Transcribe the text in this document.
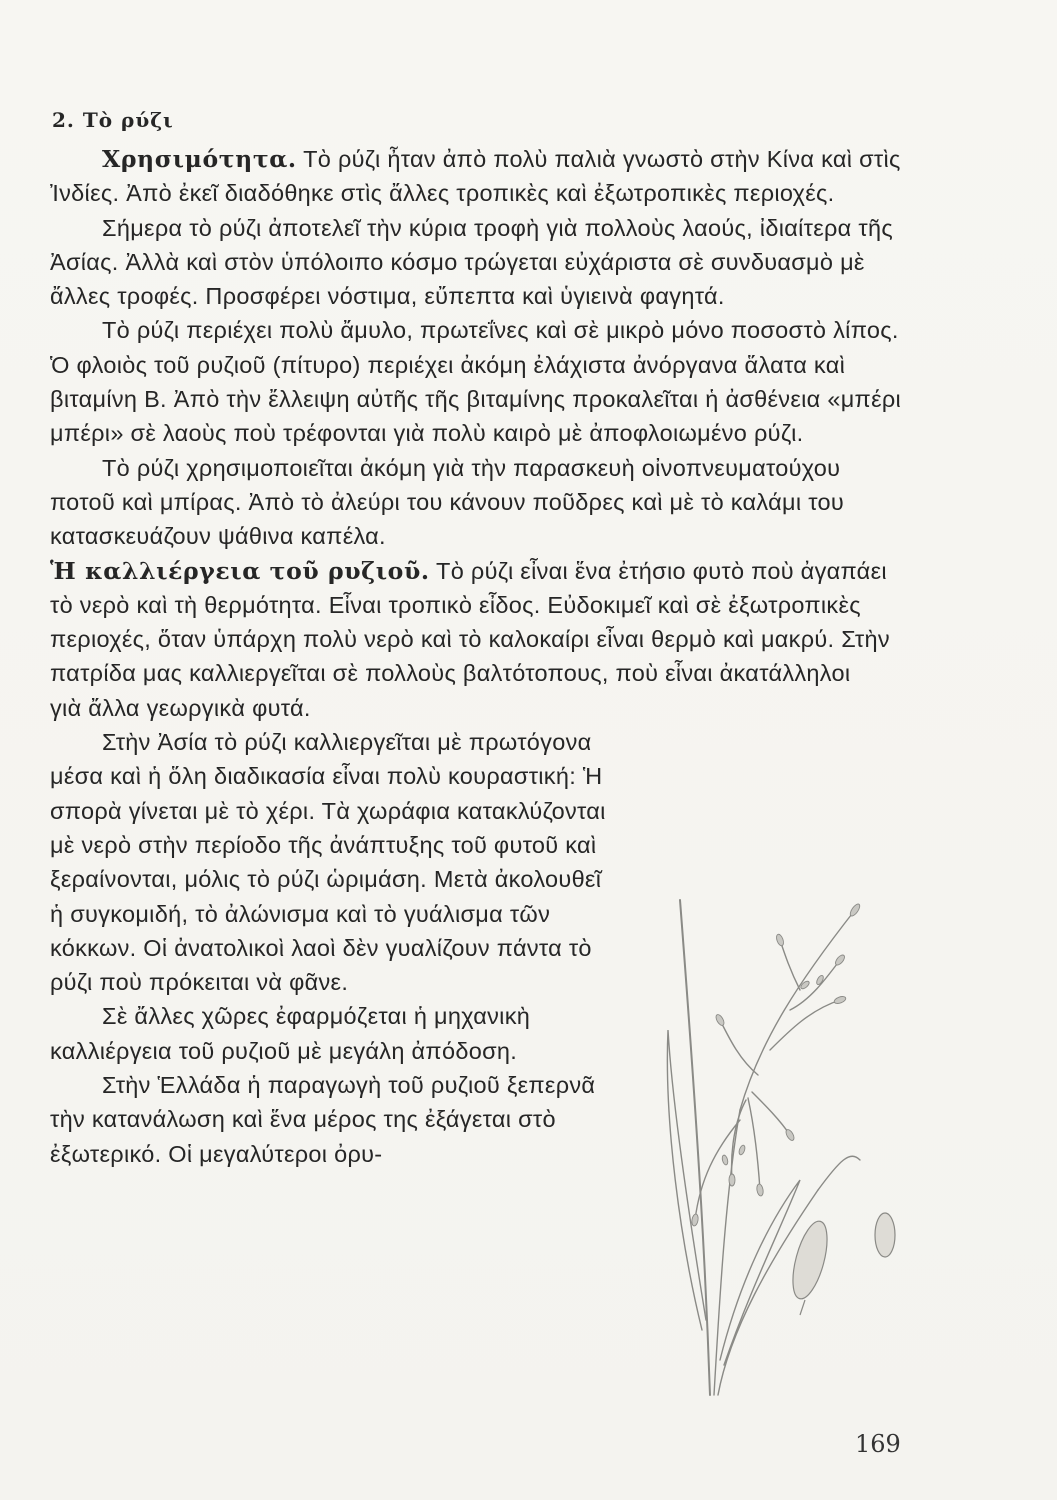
2. Τὸ ρύζι

Χρησιμότητα. Τὸ ρύζι ἦταν ἀπὸ πολὺ παλιὰ γνωστὸ στὴν Κίνα καὶ στὶς Ἰνδίες. Ἀπὸ ἐκεῖ διαδόθηκε στὶς ἄλλες τροπικὲς καὶ ἐξωτροπικὲς περιοχές.

Σήμερα τὸ ρύζι ἀποτελεῖ τὴν κύρια τροφὴ γιὰ πολλοὺς λαούς, ἰδιαίτερα τῆς Ἀσίας. Ἀλλὰ καὶ στὸν ὑπόλοιπο κόσμο τρώγεται εὐχάριστα σὲ συνδυασμὸ μὲ ἄλλες τροφές. Προσφέρει νόστιμα, εὔπεπτα καὶ ὑγιεινὰ φαγητά.

Τὸ ρύζι περιέχει πολὺ ἄμυλο, πρωτεΐνες καὶ σὲ μικρὸ μόνο ποσοστὸ λίπος. Ὁ φλοιὸς τοῦ ρυζιοῦ (πίτυρο) περιέχει ἀκόμη ἐλάχιστα ἀνόργανα ἅλατα καὶ βιταμίνη Β. Ἀπὸ τὴν ἔλλειψη αὐτῆς τῆς βιταμίνης προκαλεῖται ἡ ἀσθένεια «μπέρι μπέρι» σὲ λαοὺς ποὺ τρέφονται γιὰ πολὺ καιρὸ μὲ ἀποφλοιωμένο ρύζι.

Τὸ ρύζι χρησιμοποιεῖται ἀκόμη γιὰ τὴν παρασκευὴ οἰνοπνευματούχου ποτοῦ καὶ μπίρας. Ἀπὸ τὸ ἀλεύρι του κάνουν ποῦδρες καὶ μὲ τὸ καλάμι του κατασκευάζουν ψάθινα καπέλα.

Ἡ καλλιέργεια τοῦ ρυζιοῦ. Τὸ ρύζι εἶναι ἕνα ἐτήσιο φυτὸ ποὺ ἀγαπάει τὸ νερὸ καὶ τὴ θερμότητα. Εἶναι τροπικὸ εἶδος. Εὐδοκιμεῖ καὶ σὲ ἐξωτροπικὲς περιοχές, ὅταν ὑπάρχη πολὺ νερὸ καὶ τὸ καλοκαίρι εἶναι θερμὸ καὶ μακρύ. Στὴν πατρίδα μας καλλιεργεῖται σὲ πολλοὺς βαλτότοπους, ποὺ εἶναι ἀκατάλληλοι

γιὰ ἄλλα γεωργικὰ φυτά.

Στὴν Ἀσία τὸ ρύζι καλλιεργεῖται μὲ πρωτόγονα μέσα καὶ ἡ ὅλη διαδικασία εἶναι πολὺ κουραστική: Ἡ σπορὰ γίνεται μὲ τὸ χέρι. Τὰ χωράφια κατακλύζονται μὲ νερὸ στὴν περίοδο τῆς ἀνάπτυξης τοῦ φυτοῦ καὶ ξεραίνονται, μόλις τὸ ρύζι ὡριμάση. Μετὰ ἀκολουθεῖ ἡ συγκομιδή, τὸ ἀλώνισμα καὶ τὸ γυάλισμα τῶν κόκκων. Οἱ ἀνατολικοὶ λαοὶ δὲν γυαλίζουν πάντα τὸ ρύζι ποὺ πρόκειται νὰ φᾶνε.

Σὲ ἄλλες χῶρες ἐφαρμόζεται ἡ μηχανικὴ καλλιέργεια τοῦ ρυζιοῦ μὲ μεγάλη ἀπόδοση.

Στὴν Ἑλλάδα ἡ παραγωγὴ τοῦ ρυζιοῦ ξεπερνᾶ τὴν κατανάλωση καὶ ἕνα μέρος της ἐξάγεται στὸ ἐξωτερικό. Οἱ μεγαλύτεροι ὀρυ-

169
